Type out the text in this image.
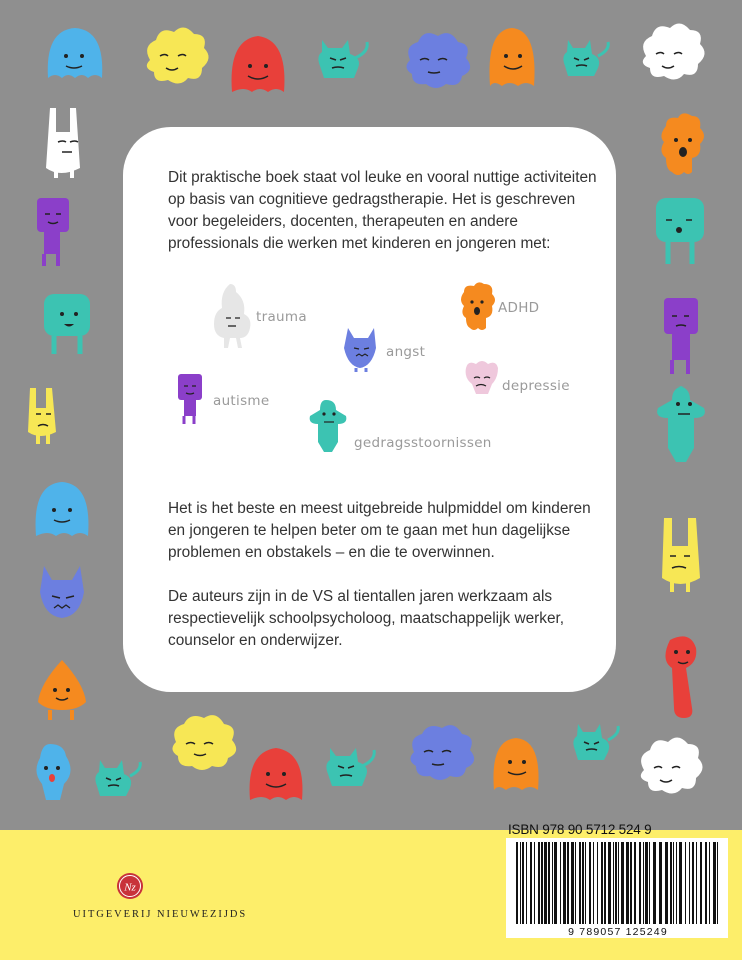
Dit praktische boek staat vol leuke en vooral nuttige activiteiten op basis van cognitieve gedragstherapie. Het is geschreven voor begeleiders, docenten, therapeuten en andere professionals die werken met kinderen en jongeren met:

trauma
ADHD
angst
depressie
autisme
gedragsstoornissen

Het is het beste en meest uitgebreide hulpmiddel om kinderen en jongeren te helpen beter om te gaan met hun dagelijkse problemen en obstakels – en die te overwinnen.

De auteurs zijn in de VS al tientallen jaren werkzaam als respectievelijk schoolpsycholoog, maatschappelijk werker, counselor en onderwijzer.

ISBN 978 90 5712 524 9
9 789057 125249
Nz
UITGEVERIJ NIEUWEZIJDS
